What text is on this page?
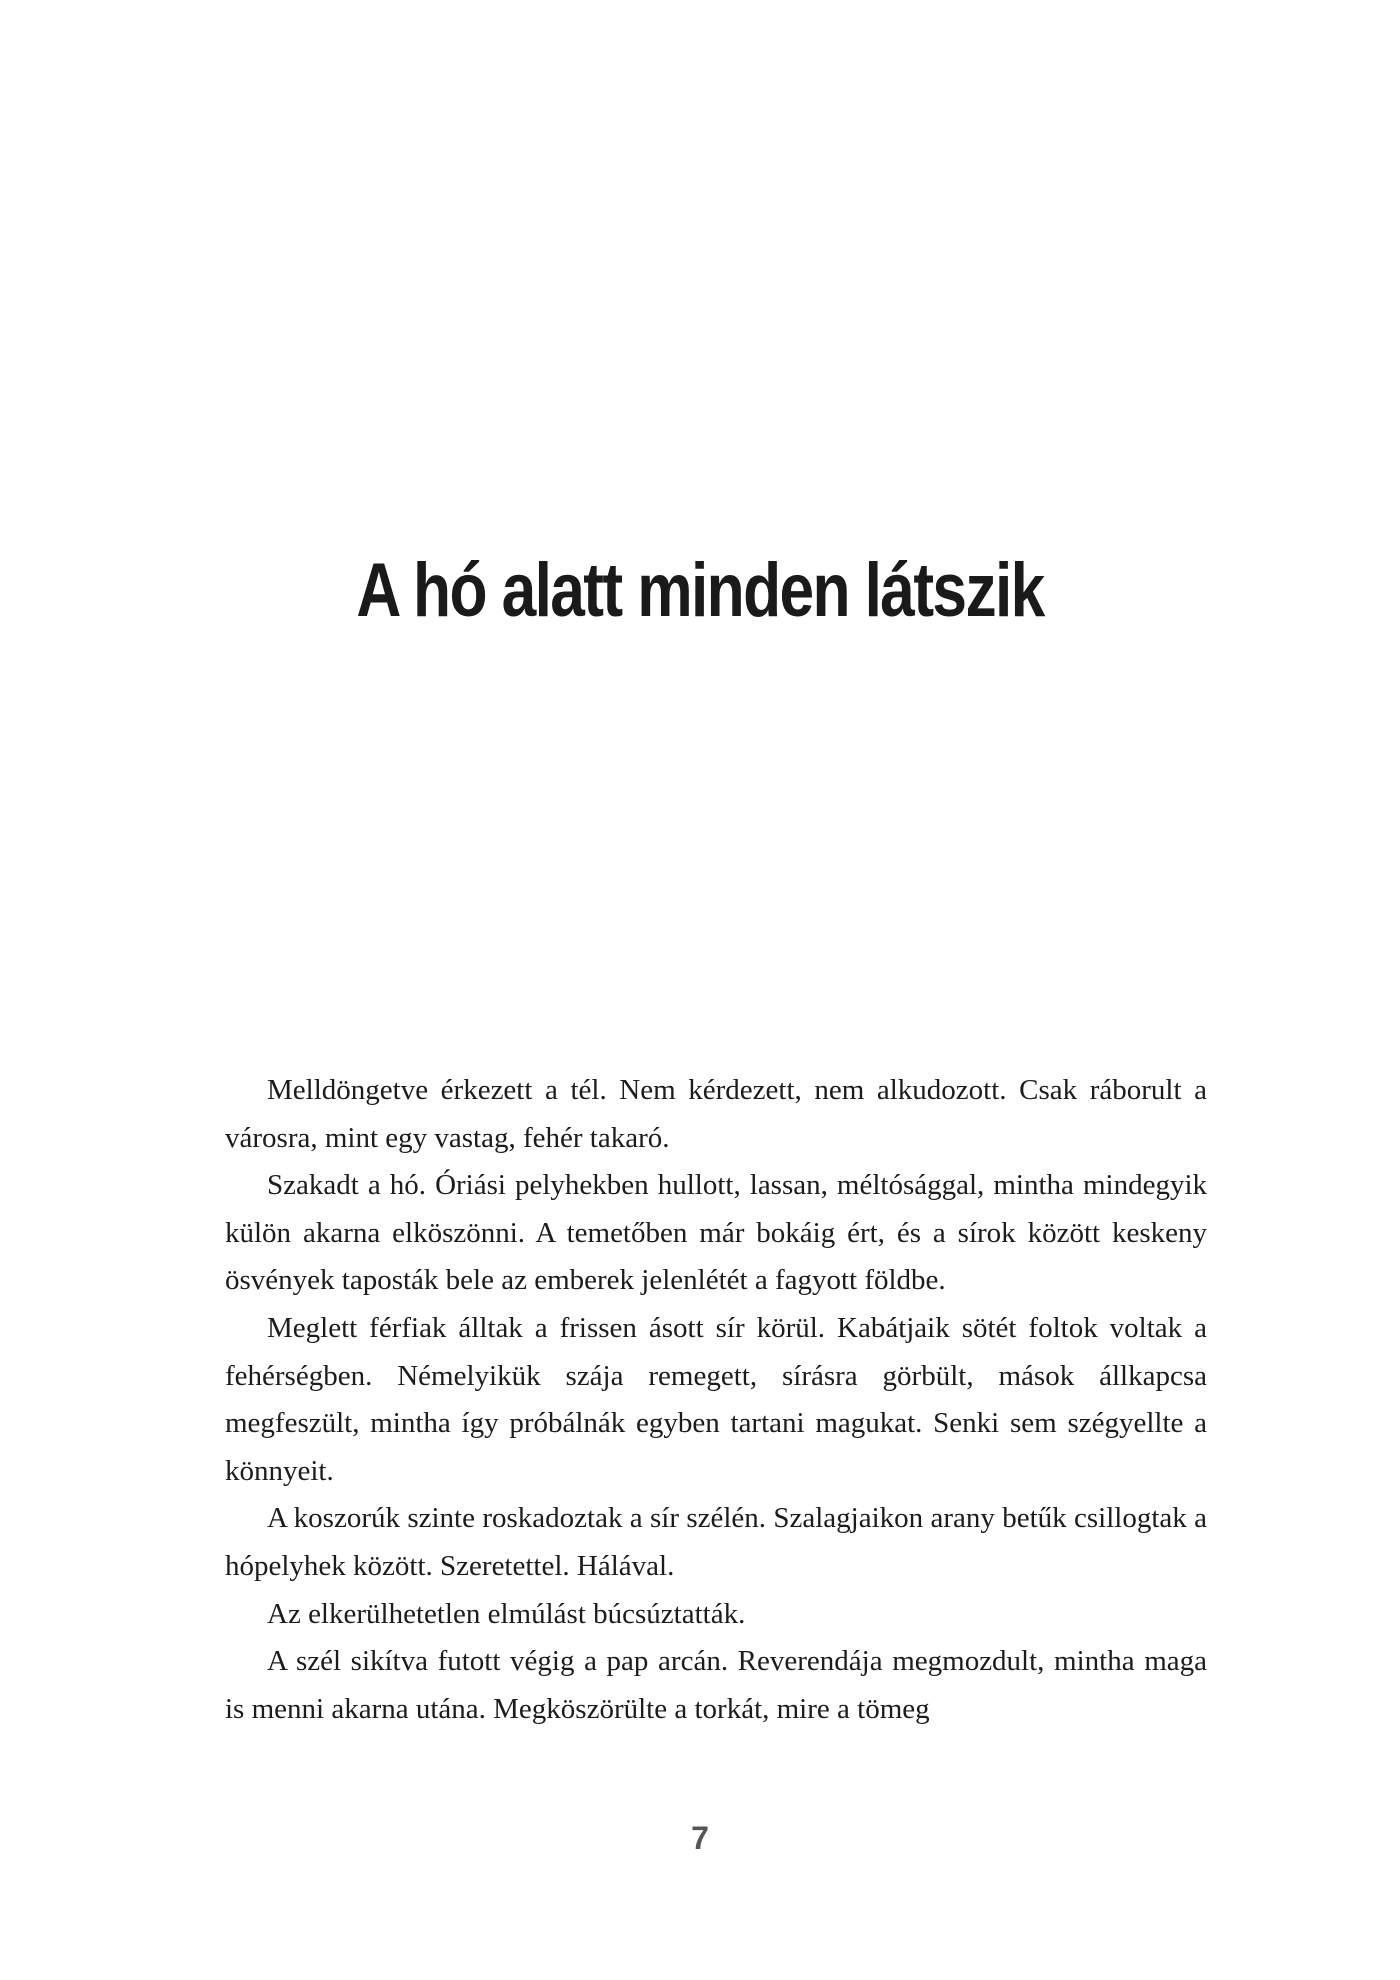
A hó alatt minden látszik

Melldöngetve érkezett a tél. Nem kérdezett, nem alkudozott. Csak ráborult a városra, mint egy vastag, fehér takaró.

Szakadt a hó. Óriási pelyhekben hullott, lassan, méltósággal, mintha mindegyik külön akarna elköszönni. A temetőben már bokáig ért, és a sírok között keskeny ösvények taposták bele az emberek jelenlétét a fagyott földbe.

Meglett férfiak álltak a frissen ásott sír körül. Kabátjaik sötét foltok voltak a fehérségben. Némelyikük szája remegett, sírásra görbült, mások állkapcsa megfeszült, mintha így próbálnák egyben tartani magukat. Senki sem szégyellte a könnyeit.

A koszorúk szinte roskadoztak a sír szélén. Szalagjaikon arany betűk csillogtak a hópelyhek között. Szeretettel. Hálával.

Az elkerülhetetlen elmúlást búcsúztatták.

A szél sikítva futott végig a pap arcán. Reverendája megmozdult, mintha maga is menni akarna utána. Megköszörülte a torkát, mire a tömeg

7
